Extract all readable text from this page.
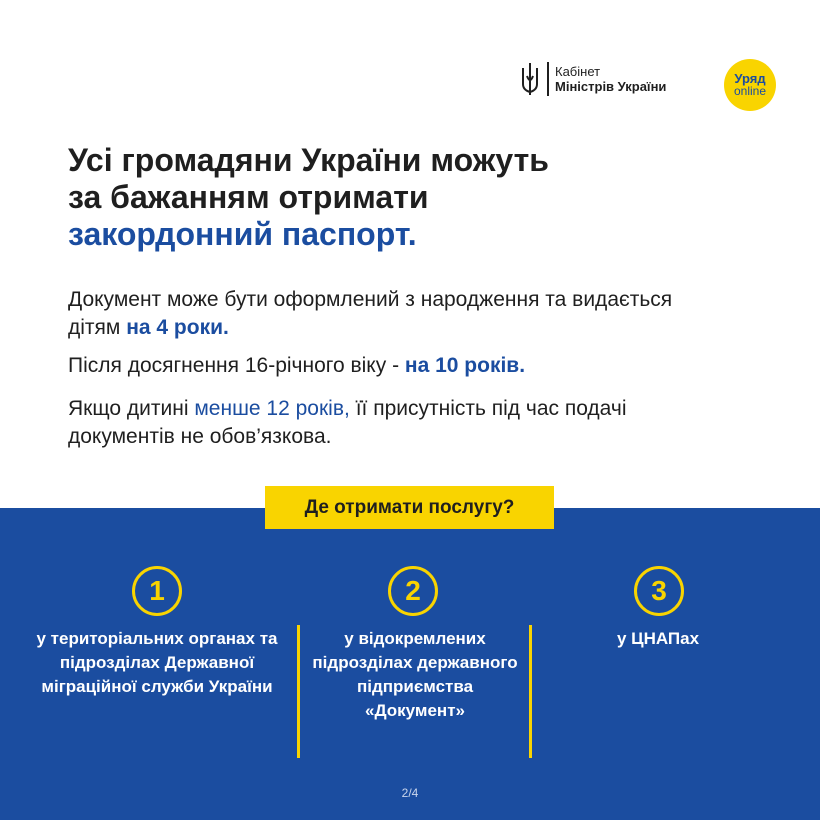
Кабінет
Міністрів України
Уряд
online
Усі громадяни України можуть
за бажанням отримати
закордонний паспорт.
Документ може бути оформлений з народження та видається дітям на 4 роки.
Після досягнення 16-річного віку - на 10 років.
Якщо дитині менше 12 років, її присутність під час подачі документів не обов’язкова.
Де отримати послугу?
1	2	3
у територіальних органах та підрозділах Державної міграційної служби України
у відокремлених підрозділах державного підприємства «Документ»
у ЦНАПах
2/4
